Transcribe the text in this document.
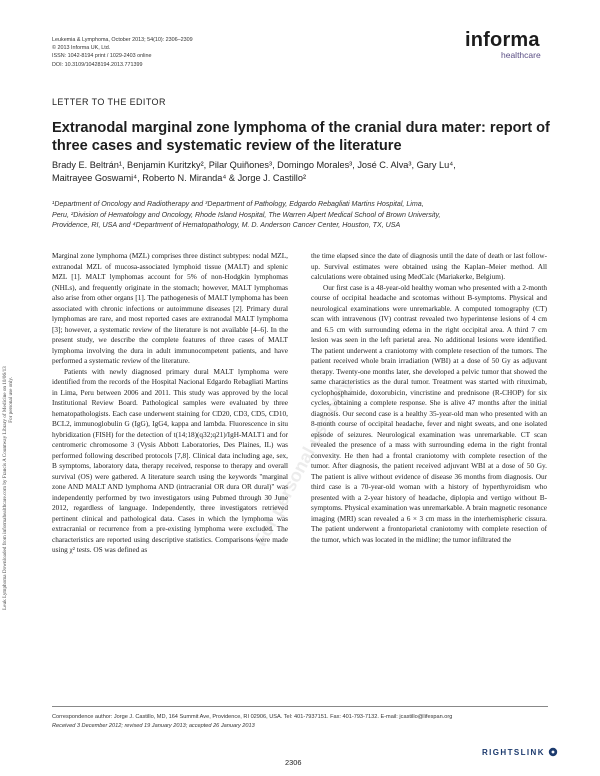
Leuk Lymphoma Downloaded from informahealthcare.com by Francis A Countway Library of Medicine on 10/06/13 For personal use only.
Leukemia & Lymphoma, October 2013; 54(10): 2306–2309
© 2013 Informa UK, Ltd.
ISSN: 1042-8194 print / 1029-2403 online
DOI: 10.3109/10428194.2013.771399
informa
healthcare
LETTER TO THE EDITOR
Extranodal marginal zone lymphoma of the cranial dura mater: report of three cases and systematic review of the literature
Brady E. Beltrán¹, Benjamin Kuritzky², Pilar Quiñones³, Domingo Morales³, José C. Alva³, Gary Lu⁴,
Maitrayee Goswami⁴, Roberto N. Miranda⁴ & Jorge J. Castillo²
¹Department of Oncology and Radiotherapy and ³Department of Pathology, Edgardo Rebagliati Martins Hospital, Lima,
Peru, ²Division of Hematology and Oncology, Rhode Island Hospital, The Warren Alpert Medical School of Brown University,
Providence, RI, USA and ⁴Department of Hematopathology, M. D. Anderson Cancer Center, Houston, TX, USA
For personal use only

Marginal zone lymphoma (MZL) comprises three distinct subtypes: nodal MZL, extranodal MZL of mucosa-associated lymphoid tissue (MALT) and splenic MZL [1]. MALT lymphomas account for 5% of non-Hodgkin lymphomas (NHLs), and frequently originate in the stomach; however, MALT lymphomas also arise from other organs [1]. The pathogenesis of MALT lymphoma has been associated with chronic infections or autoimmune diseases [2]. Primary dural lymphomas are rare, and most reported cases are extranodal MALT lymphoma [3]; however, a systematic review of the literature is not available [4–6]. In the present study, we describe the complete features of three cases of MALT lymphoma involving the dura in adult immunocompetent patients, and have performed a systematic review of the literature.

Patients with newly diagnosed primary dural MALT lymphoma were identified from the records of the Hospital Nacional Edgardo Rebagliati Martins in Lima, Peru between 2006 and 2011. This study was approved by the local Institutional Review Board. Pathological samples were evaluated by three hematopathologists. Each case underwent staining for CD20, CD3, CD5, CD10, BCL2, immunoglobulin G (IgG), IgG4, kappa and lambda. Fluorescence in situ hybridization (FISH) for the detection of t(14;18)(q32;q21)/IgH-MALT1 and for centromeric chromosome 3 (Vysis Abbott Laboratories, Des Plaines, IL) was performed following described protocols [7,8]. Clinical data including age, sex, B symptoms, laboratory data, therapy received, response to therapy and overall survival (OS) were gathered. A literature search using the keywords "marginal zone AND MALT AND lymphoma AND (intracranial OR dura OR dural)" was independently performed by two investigators using Pubmed through 30 June 2012, regardless of language. Independently, three investigators retrieved pertinent clinical and pathological data. Cases in which the lymphoma was extracranial or recurrence from a pre-existing lymphoma were excluded. The characteristics are reported using descriptive statistics. Comparisons were made using χ² tests. OS was defined as

the time elapsed since the date of diagnosis until the date of death or last follow-up. Survival estimates were obtained using the Kaplan–Meier method. All calculations were obtained using MedCalc (Mariakerke, Belgium).

Our first case is a 48-year-old healthy woman who presented with a 2-month course of occipital headache and scotomas without B-symptoms. Physical and neurological examinations were unremarkable. A computed tomography (CT) scan with intravenous (IV) contrast revealed two hyperintense lesions of 4 cm and 6.5 cm with surrounding edema in the right occipital area. A third 7 cm lesion was seen in the left parietal area. No additional lesions were identified. The patient underwent a craniotomy with complete resection of the tumors. The patient received whole brain irradiation (WBI) at a dose of 50 Gy as adjuvant therapy. Twenty-one months later, she developed a pelvic tumor that showed the same characteristics as the dural tumor. Treatment was started with rituximab, cyclophosphamide, doxorubicin, vincristine and prednisone (R-CHOP) for six cycles, obtaining a complete response. She is alive 47 months after the initial diagnosis. Our second case is a healthy 35-year-old man who presented with an 8-month course of occipital headache, fever and night sweats, and one isolated episode of seizures. Neurological examination was unremarkable. CT scan revealed the presence of a mass with surrounding edema in the right frontal convexity. He then had a frontal craniotomy with complete resection of the tumor. After diagnosis, the patient received adjuvant WBI at a dose of 50 Gy. The patient is alive without evidence of disease 36 months from diagnosis. Our third case is a 70-year-old woman with a history of hyperthyroidism who presented with a 2-year history of headache, diplopia and vertigo without B-symptoms. Physical examination was unremarkable. A brain magnetic resonance imaging (MRI) scan revealed a 6 × 3 cm mass in the interhemispheric cissura. The patient underwent a frontoparietal craniotomy with complete resection of the tumor, which was located in the midline; the tumor infiltrated the

Correspondence author: Jorge J. Castillo, MD, 164 Summit Ave, Providence, RI 02906, USA. Tel: 401-7937151. Fax: 401-793-7132. E-mail: jcastillo@lifespan.org
Received 3 December 2012; revised 19 January 2013; accepted 26 January 2013
2306
RIGHTSLINK
